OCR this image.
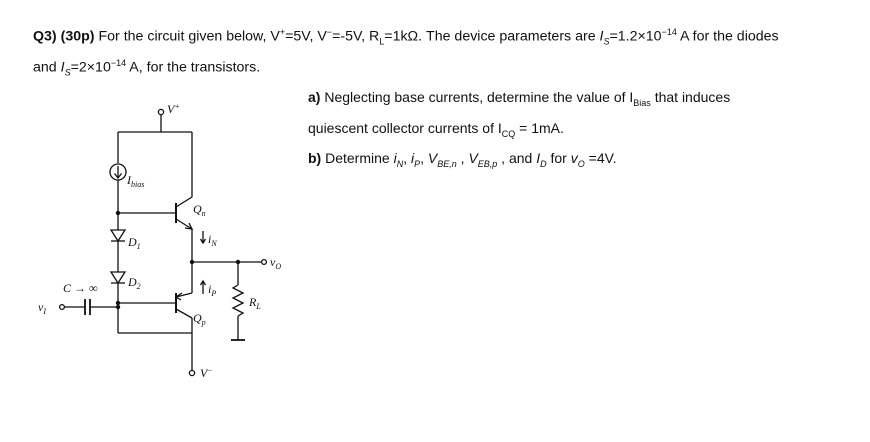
Q3) (30p) For the circuit given below, V+=5V, V−=-5V, $R_L=1k\Omega$. The device parameters are $I_S=1.2\times 10^{-14}$ A for the diodes
and $I_S=2\times 10^{-14}$ A, for the transistors.
a) Neglecting base currents, determine the value of $I_{Bias}$ that induces
quiescent collector currents of $I_{CQ} = 1mA$.
b) Determine $i_N$, $i_P$, $V_{BE,n}$ , $V_{EB,p}$ , and $I_D$ for $v_O =4V$.
V+
$I_{bias}$
$Q_n$
$i_N$
$D_1$
$D_2$
$v_O$
$i_P$
$R_L$
$Q_p$
V−
$v_I$
C → ∞
